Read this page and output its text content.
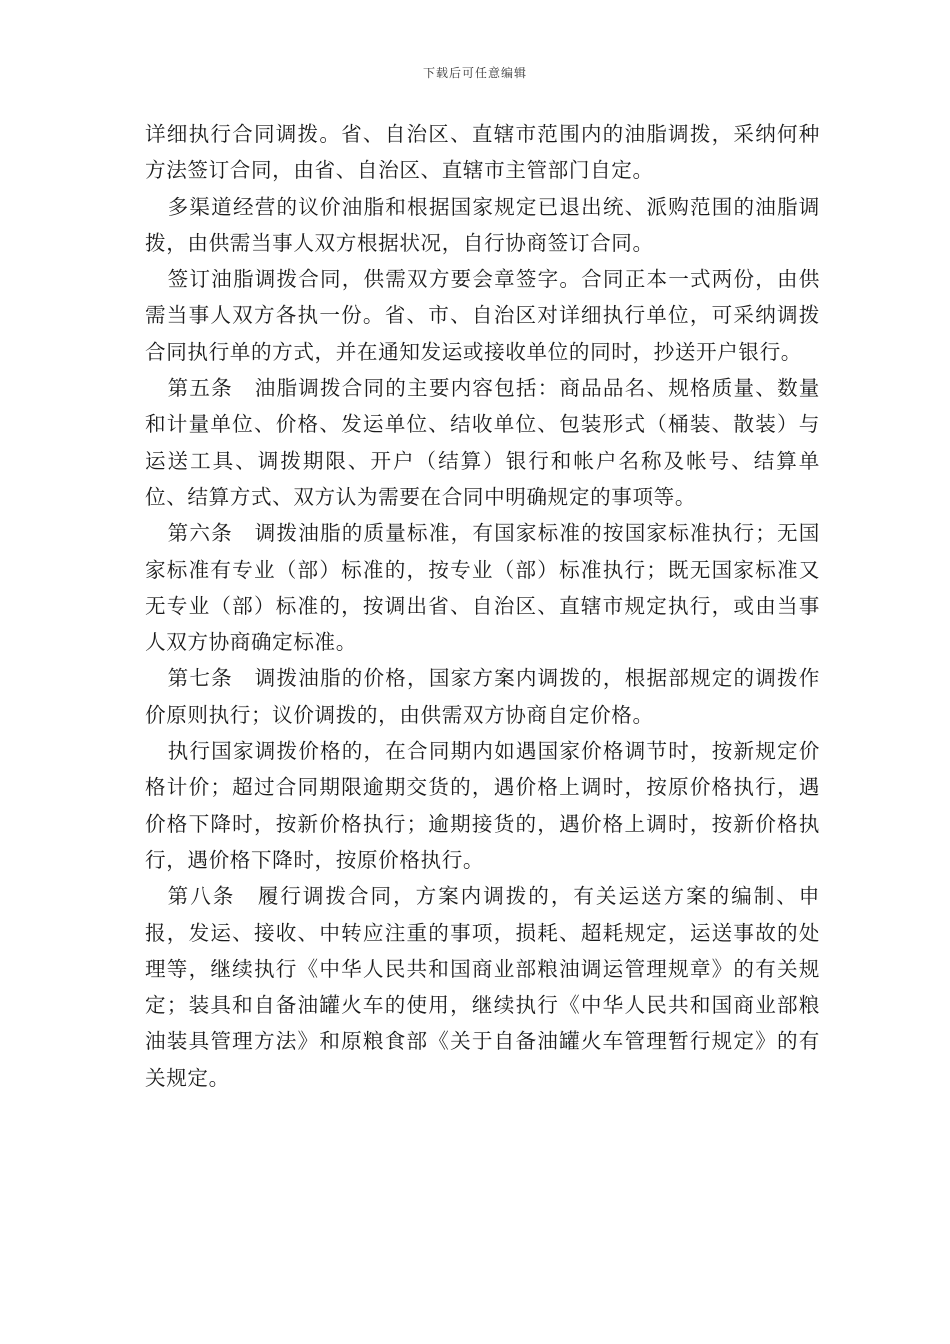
下载后可任意编辑

详细执行合同调拨。省、自治区、直辖市范围内的油脂调拨，采纳何种方法签订合同，由省、自治区、直辖市主管部门自定。

多渠道经营的议价油脂和根据国家规定已退出统、派购范围的油脂调拨，由供需当事人双方根据状况，自行协商签订合同。

签订油脂调拨合同，供需双方要会章签字。合同正本一式两份，由供需当事人双方各执一份。省、市、自治区对详细执行单位，可采纳调拨合同执行单的方式，并在通知发运或接收单位的同时，抄送开户银行。

第五条　油脂调拨合同的主要内容包括：商品品名、规格质量、数量和计量单位、价格、发运单位、结收单位、包装形式（桶装、散装）与运送工具、调拨期限、开户（结算）银行和帐户名称及帐号、结算单位、结算方式、双方认为需要在合同中明确规定的事项等。

第六条　调拨油脂的质量标准，有国家标准的按国家标准执行；无国家标准有专业（部）标准的，按专业（部）标准执行；既无国家标准又无专业（部）标准的，按调出省、自治区、直辖市规定执行，或由当事人双方协商确定标准。

第七条　调拨油脂的价格，国家方案内调拨的，根据部规定的调拨作价原则执行；议价调拨的，由供需双方协商自定价格。

执行国家调拨价格的，在合同期内如遇国家价格调节时，按新规定价格计价；超过合同期限逾期交货的，遇价格上调时，按原价格执行，遇价格下降时，按新价格执行；逾期接货的，遇价格上调时，按新价格执行，遇价格下降时，按原价格执行。

第八条　履行调拨合同，方案内调拨的，有关运送方案的编制、申报，发运、接收、中转应注重的事项，损耗、超耗规定，运送事故的处理等，继续执行《中华人民共和国商业部粮油调运管理规章》的有关规定；装具和自备油罐火车的使用，继续执行《中华人民共和国商业部粮油装具管理方法》和原粮食部《关于自备油罐火车管理暂行规定》的有关规定。
